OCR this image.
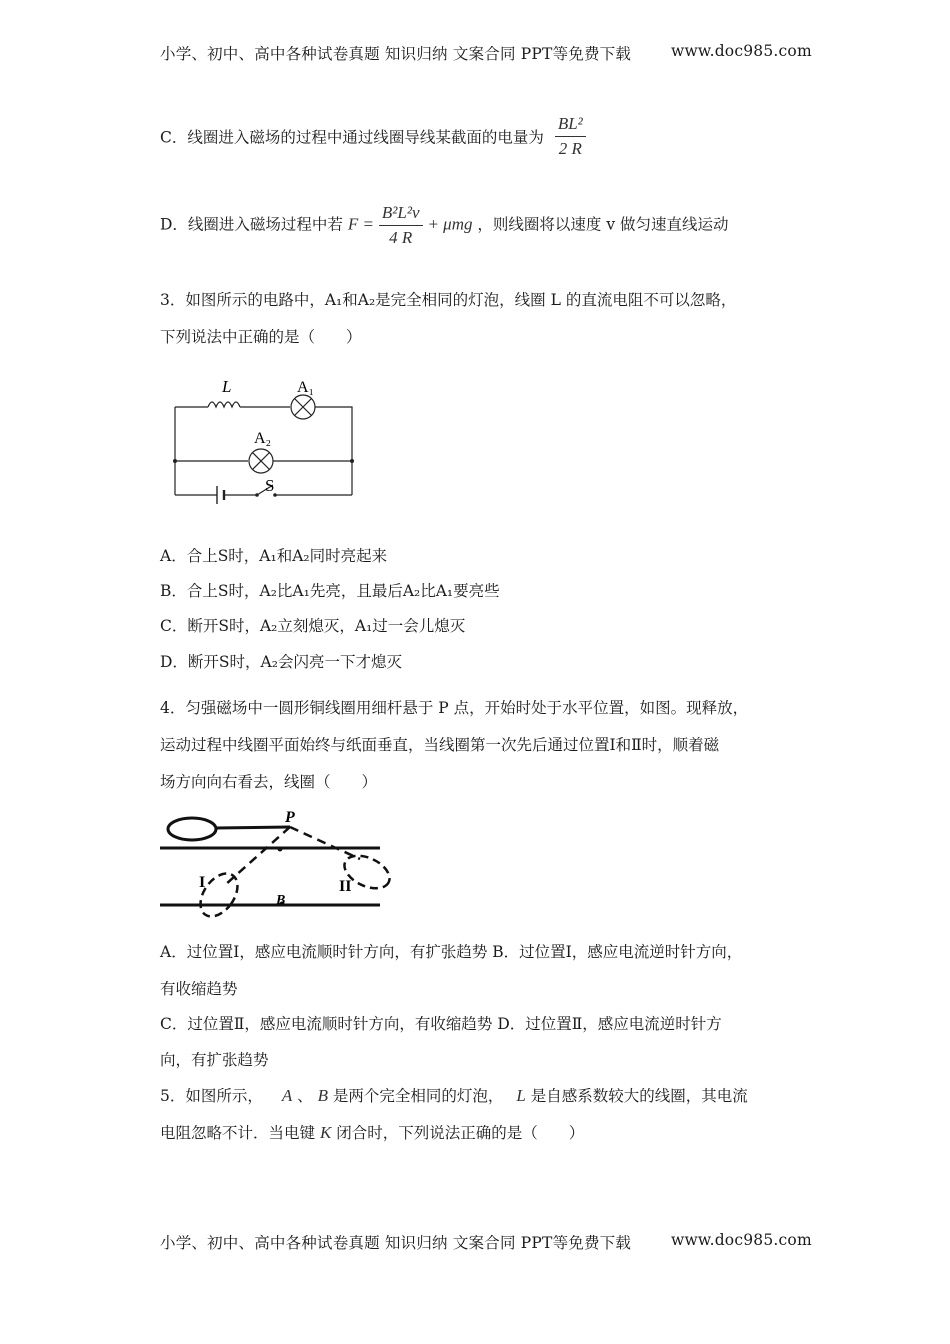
小学、初中、高中各种试卷真题 知识归纳 文案合同 PPT等免费下载	www.doc985.com
C．线圈进入磁场的过程中通过线圈导线某截面的电量为 $\frac{\text{BL²}}{2 R}$
D．线圈进入磁场过程中若 $F = \frac{\text{B²L²v}}{4 R} + \mu mg$ ，则线圈将以速度 v 做匀速直线运动
3．如图所示的电路中，A₁和A₂是完全相同的灯泡，线圈 L 的直流电阻不可以忽略，
下列说法中正确的是（　　）
L	A₁
A₂
S
A．合上S时，A₁和A₂同时亮起来
B．合上S时，A₂比A₁先亮，且最后A₂比A₁要亮些
C．断开S时，A₂立刻熄灭，A₁过一会儿熄灭
D．断开S时，A₂会闪亮一下才熄灭
4．匀强磁场中一圆形铜线圈用细杆悬于 P 点，开始时处于水平位置，如图。现释放，
运动过程中线圈平面始终与纸面垂直，当线圈第一次先后通过位置Ⅰ和Ⅱ时，顺着磁
场方向向右看去，线圈（　　）
P
I
B
II
A．过位置Ⅰ，感应电流顺时针方向，有扩张趋势 B．过位置Ⅰ，感应电流逆时针方向，
有收缩趋势
C．过位置Ⅱ，感应电流顺时针方向，有收缩趋势 D．过位置Ⅱ，感应电流逆时针方
向，有扩张趋势
5．如图所示， A 、 B 是两个完全相同的灯泡， L 是自感系数较大的线圈，其电流
电阻忽略不计．当电键 K 闭合时，下列说法正确的是（　　）
小学、初中、高中各种试卷真题 知识归纳 文案合同 PPT等免费下载	www.doc985.com
